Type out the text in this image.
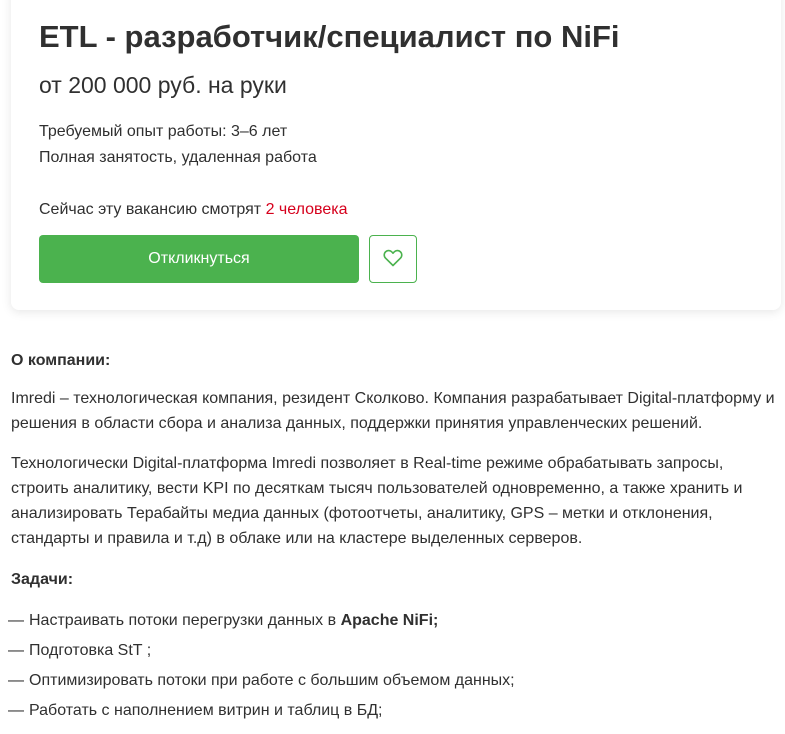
ETL - разработчик/специалист по NiFi
от 200 000 руб. на руки

Требуемый опыт работы: 3–6 лет

Полная занятость, удаленная работа

Сейчас эту вакансию смотрят 2 человека

Откликнуться

О компании:

Imredi – технологическая компания, резидент Сколково. Компания разрабатывает Digital-платформу и решения в области сбора и анализа данных, поддержки принятия управленческих решений.

Технологически Digital-платформа Imredi позволяет в Real-time режиме обрабатывать запросы, строить аналитику, вести KPI по десяткам тысяч пользователей одновременно, а также хранить и анализировать Терабайты медиа данных (фотоотчеты, аналитику, GPS – метки и отклонения, стандарты и правила и т.д) в облаке или на кластере выделенных серверов.

Задачи:

— Настраивать потоки перегрузки данных в Apache NiFi;
— Подготовка StT ;
— Оптимизировать потоки при работе с большим объемом данных;
— Работать с наполнением витрин и таблиц в БД;
